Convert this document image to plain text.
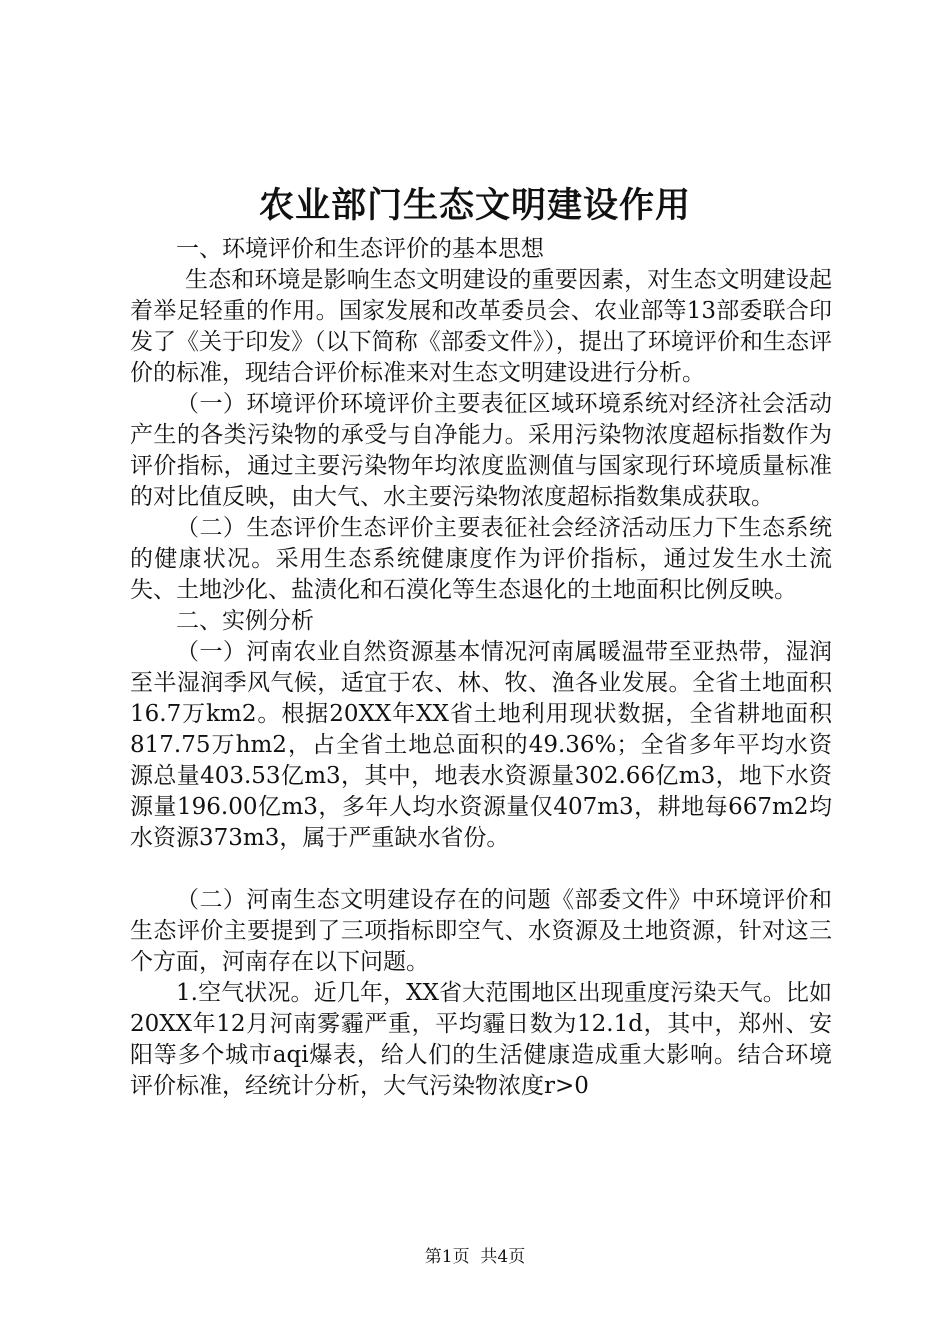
农业部门生态文明建设作用

一、环境评价和生态评价的基本思想

生态和环境是影响生态文明建设的重要因素，对生态文明建设起着举足轻重的作用。国家发展和改革委员会、农业部等13部委联合印发了《关于印发》（以下简称《部委文件》），提出了环境评价和生态评价的标准，现结合评价标准来对生态文明建设进行分析。

（一）环境评价环境评价主要表征区域环境系统对经济社会活动产生的各类污染物的承受与自净能力。采用污染物浓度超标指数作为评价指标，通过主要污染物年均浓度监测值与国家现行环境质量标准的对比值反映，由大气、水主要污染物浓度超标指数集成获取。

（二）生态评价生态评价主要表征社会经济活动压力下生态系统的健康状况。采用生态系统健康度作为评价指标，通过发生水土流失、土地沙化、盐渍化和石漠化等生态退化的土地面积比例反映。

二、实例分析

（一）河南农业自然资源基本情况河南属暖温带至亚热带，湿润至半湿润季风气候，适宜于农、林、牧、渔各业发展。全省土地面积16.7万km2。根据20XX年XX省土地利用现状数据，全省耕地面积817.75万hm2，占全省土地总面积的49.36%；全省多年平均水资源总量403.53亿m3，其中，地表水资源量302.66亿m3，地下水资源量196.00亿m3，多年人均水资源量仅407m3，耕地每667m2均水资源373m3，属于严重缺水省份。

（二）河南生态文明建设存在的问题《部委文件》中环境评价和生态评价主要提到了三项指标即空气、水资源及土地资源，针对这三个方面，河南存在以下问题。

1.空气状况。近几年，XX省大范围地区出现重度污染天气。比如20XX年12月河南雾霾严重，平均霾日数为12.1d，其中，郑州、安阳等多个城市aqi爆表，给人们的生活健康造成重大影响。结合环境评价标准，经统计分析，大气污染物浓度r>0

第1页  共4页
